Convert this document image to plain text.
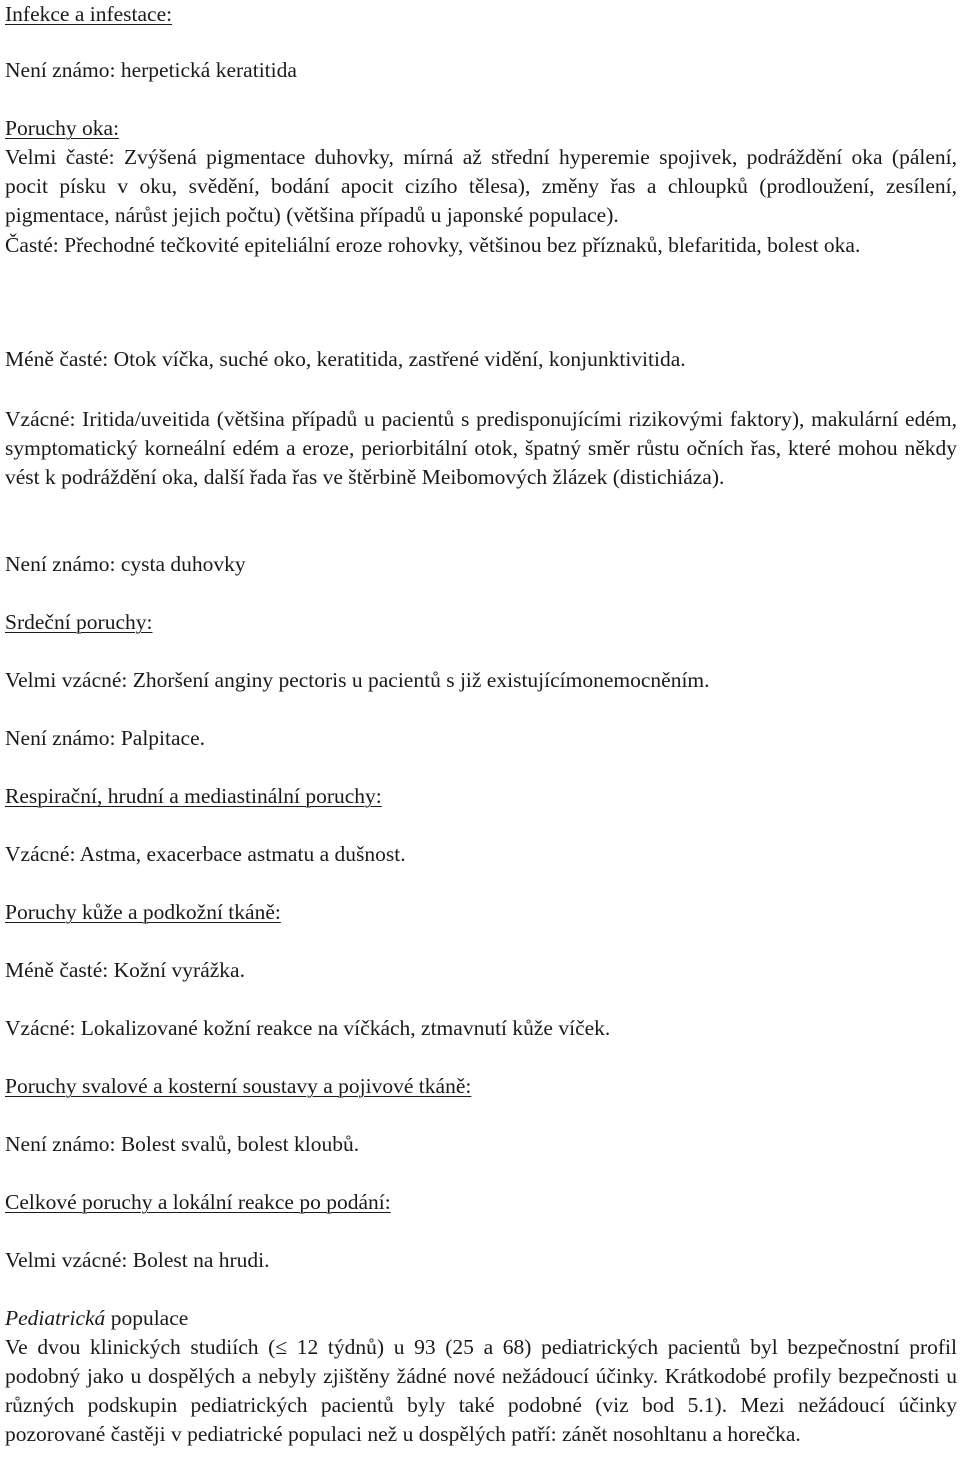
Infekce a infestace:

Není známo: herpetická keratitida

Poruchy oka:

Velmi časté: Zvýšená pigmentace duhovky, mírná až střední hyperemie spojivek, podráždění oka (pálení, pocit písku v oku, svědění, bodání apocit cizího tělesa), změny řas a chloupků (prodloužení, zesílení, pigmentace, nárůst jejich počtu) (většina případů u japonské populace).

Časté: Přechodné tečkovité epiteliální eroze rohovky, většinou bez příznaků, blefaritida, bolest oka.

Méně časté: Otok víčka, suché oko, keratitida, zastřené vidění, konjunktivitida.

Vzácné: Iritida/uveitida (většina případů u pacientů s predisponujícími rizikovými faktory), makulární edém, symptomatický korneální edém a eroze, periorbitální otok, špatný směr růstu očních řas, které mohou někdy vést k podráždění oka, další řada řas ve štěrbině Meibomových žlázek (distichiáza).

Není známo: cysta duhovky

Srdeční poruchy:

Velmi vzácné: Zhoršení anginy pectoris u pacientů s již existujícímonemocněním.

Není známo: Palpitace.

Respirační, hrudní a mediastinální poruchy:

Vzácné: Astma, exacerbace astmatu a dušnost.

Poruchy kůže a podkožní tkáně:

Méně časté: Kožní vyrážka.

Vzácné: Lokalizované kožní reakce na víčkách, ztmavnutí kůže víček.

Poruchy svalové a kosterní soustavy a pojivové tkáně:

Není známo: Bolest svalů, bolest kloubů.

Celkové poruchy a lokální reakce po podání:

Velmi vzácné: Bolest na hrudi.

Pediatrická populace

Ve dvou klinických studiích (≤ 12 týdnů) u 93 (25 a 68) pediatrických pacientů byl bezpečnostní profil podobný jako u dospělých a nebyly zjištěny žádné nové nežádoucí účinky. Krátkodobé profily bezpečnosti u různých podskupin pediatrických pacientů byly také podobné (viz bod 5.1). Mezi nežádoucí účinky pozorované častěji v pediatrické populaci než u dospělých patří: zánět nosohltanu a horečka.
